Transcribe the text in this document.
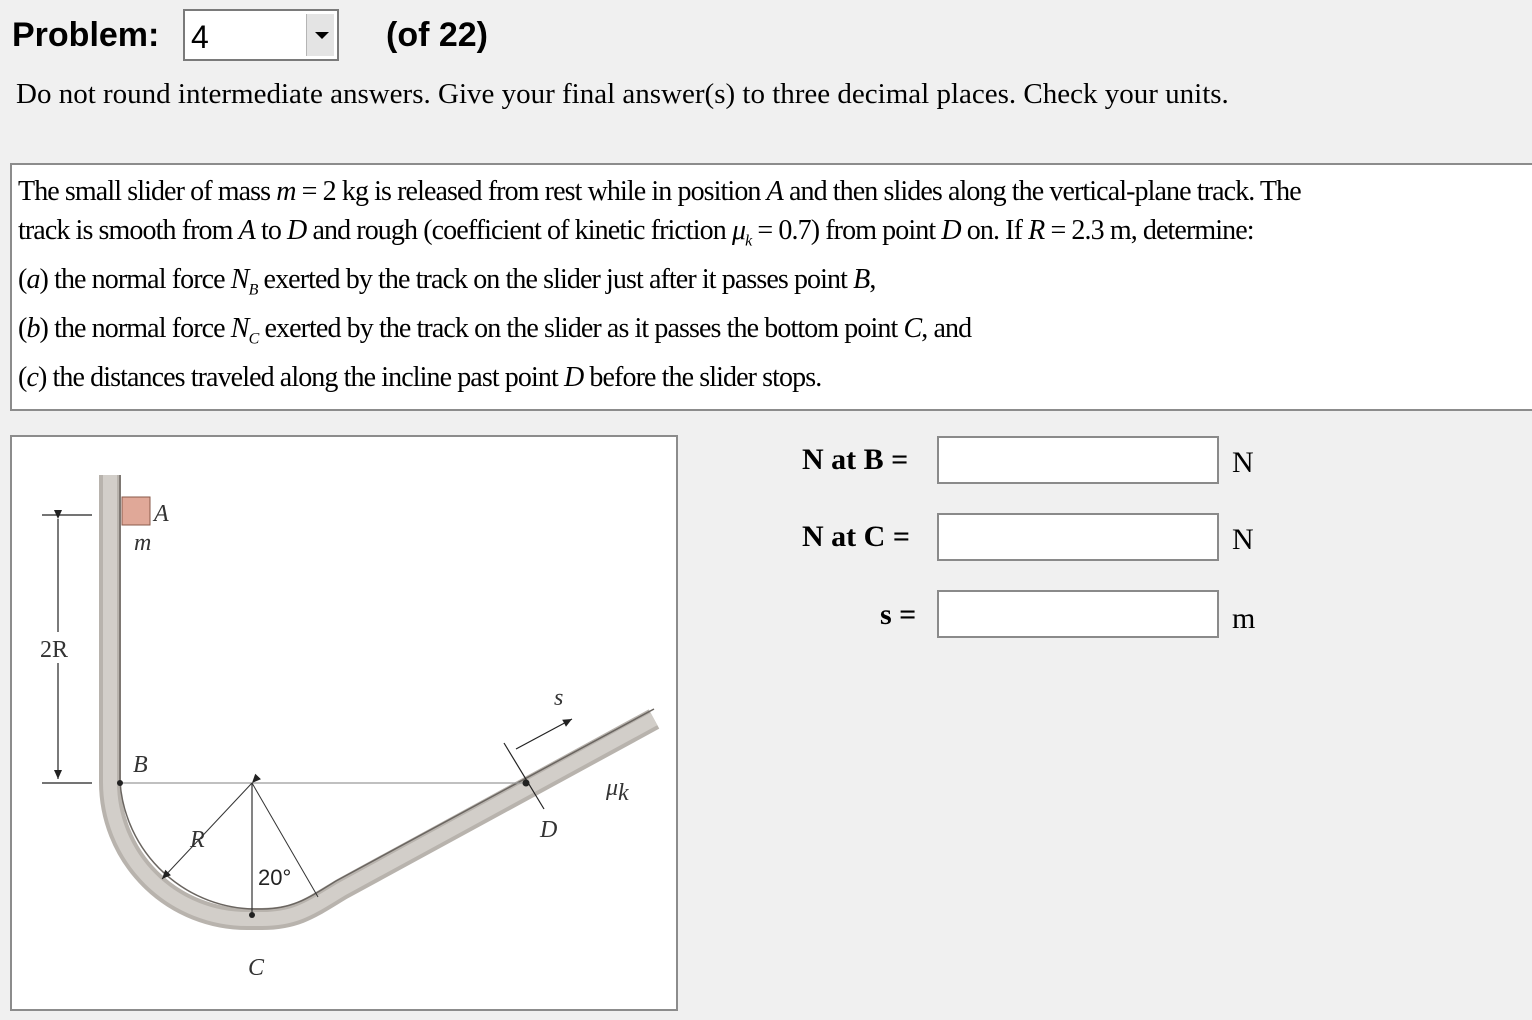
Problem: 4	(of 22)
Do not round intermediate answers. Give your final answer(s) to three decimal places. Check your units.

The small slider of mass m = 2 kg is released from rest while in position A and then slides along the vertical-plane track. The

track is smooth from A to D and rough (coefficient of kinetic friction $\mu_k = 0.7$) from point D on. If R = 2.3 m, determine:

(a) the normal force $N_B$ exerted by the track on the slider just after it passes point B,

(b) the normal force $N_C$ exerted by the track on the slider as it passes the bottom point C, and

(c) the distances traveled along the incline past point D before the slider stops.

A
m
2R
B
R
20°
C
D
s
μ k
N at B =	N
N at C =	N
s =	m
